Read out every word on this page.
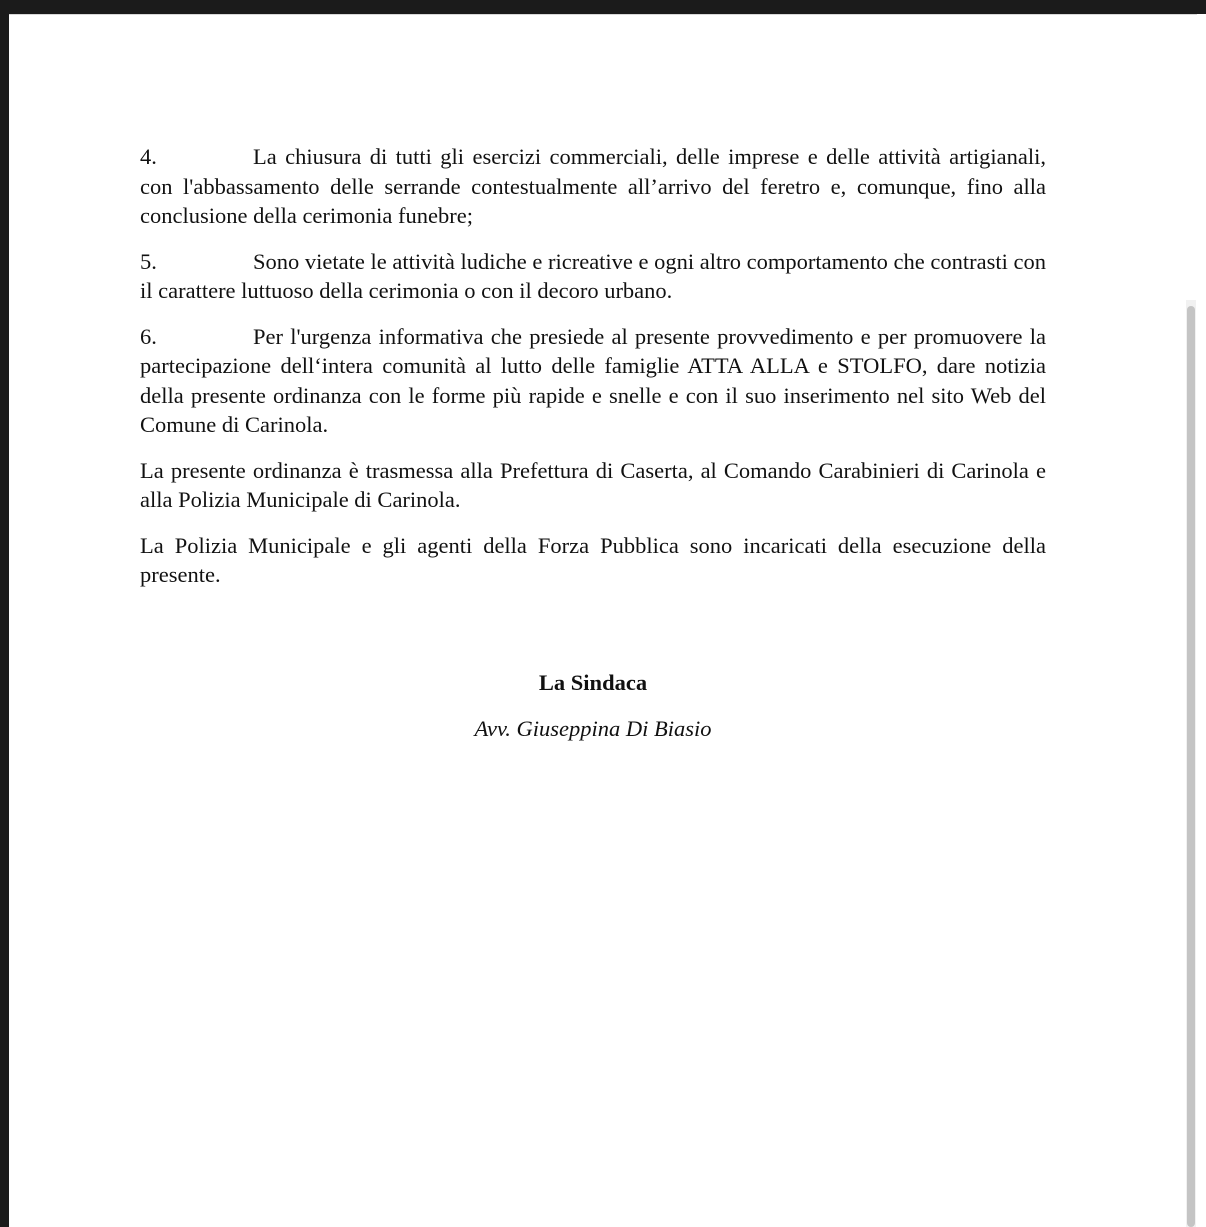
4.	La chiusura di tutti gli esercizi commerciali, delle imprese e delle attività artigianali, con l'abbassamento delle serrande contestualmente all’arrivo del feretro e, comunque, fino alla conclusione della cerimonia funebre;

5.	Sono vietate le attività ludiche e ricreative e ogni altro comportamento che contrasti con il carattere luttuoso della cerimonia o con il decoro urbano.

6.	Per l'urgenza informativa che presiede al presente provvedimento e per promuovere la partecipazione dell‘intera comunità al lutto delle famiglie ATTA ALLA e STOLFO, dare notizia della presente ordinanza con le forme più rapide e snelle e con il suo inserimento nel sito Web del Comune di Carinola.

La presente ordinanza è trasmessa alla Prefettura di Caserta, al Comando Carabinieri di Carinola e alla Polizia Municipale di Carinola.

La Polizia Municipale e gli agenti della Forza Pubblica sono incaricati della esecuzione della presente.

La Sindaca

Avv. Giuseppina Di Biasio
